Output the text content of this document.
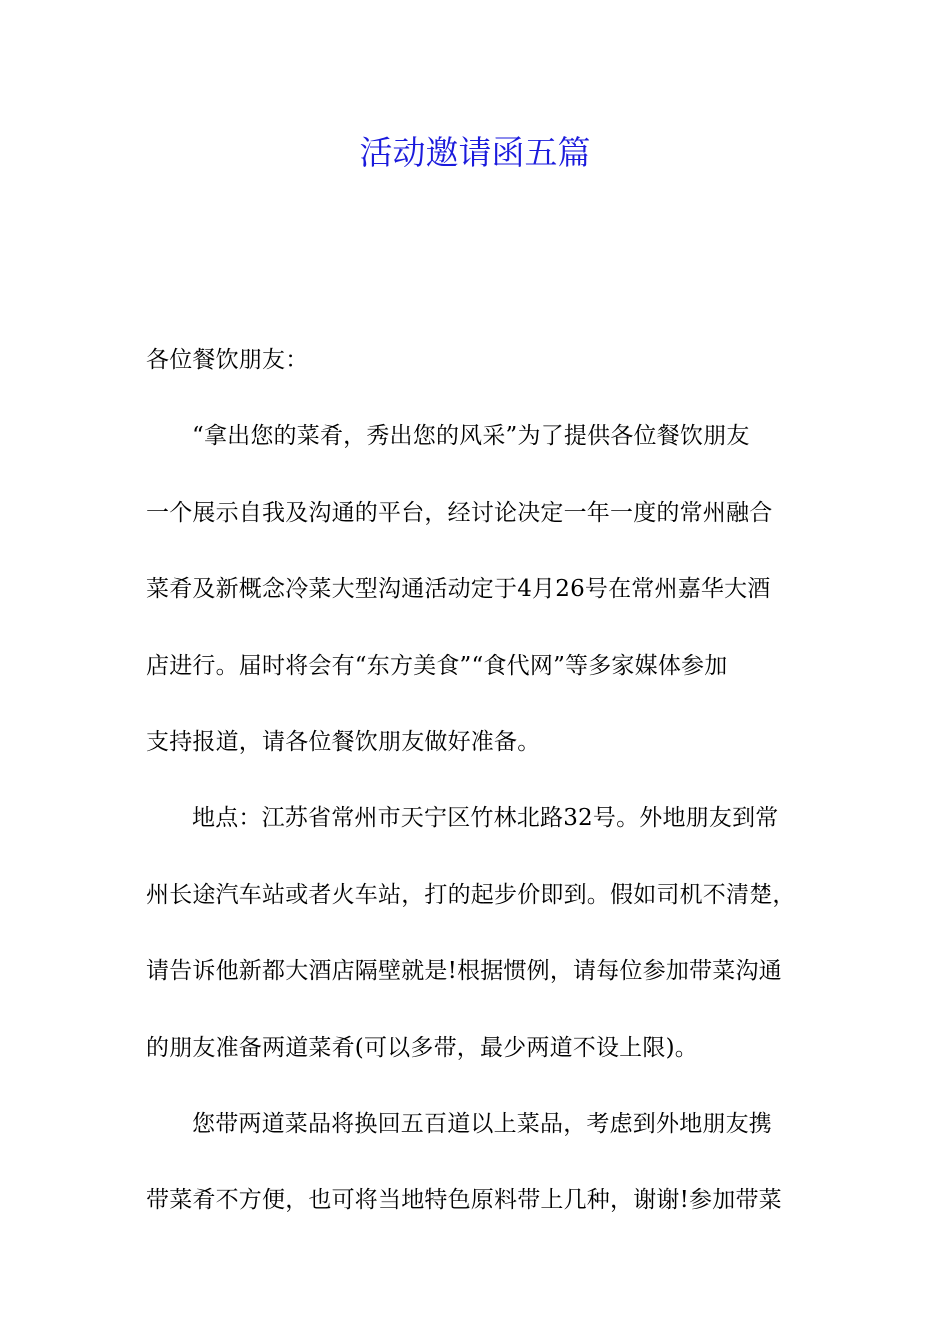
活动邀请函五篇
各位餐饮朋友：
“拿出您的菜肴，秀出您的风采”为了提供各位餐饮朋友
一个展示自我及沟通的平台，经讨论决定一年一度的常州融合
菜肴及新概念冷菜大型沟通活动定于4月26号在常州嘉华大酒
店进行。届时将会有“东方美食”“食代网”等多家媒体参加
支持报道，请各位餐饮朋友做好准备。
地点：江苏省常州市天宁区竹林北路32号。外地朋友到常
州长途汽车站或者火车站，打的起步价即到。假如司机不清楚，
请告诉他新都大酒店隔壁就是!根据惯例，请每位参加带菜沟通
的朋友准备两道菜肴(可以多带，最少两道不设上限)。
您带两道菜品将换回五百道以上菜品，考虑到外地朋友携
带菜肴不方便，也可将当地特色原料带上几种，谢谢!参加带菜
